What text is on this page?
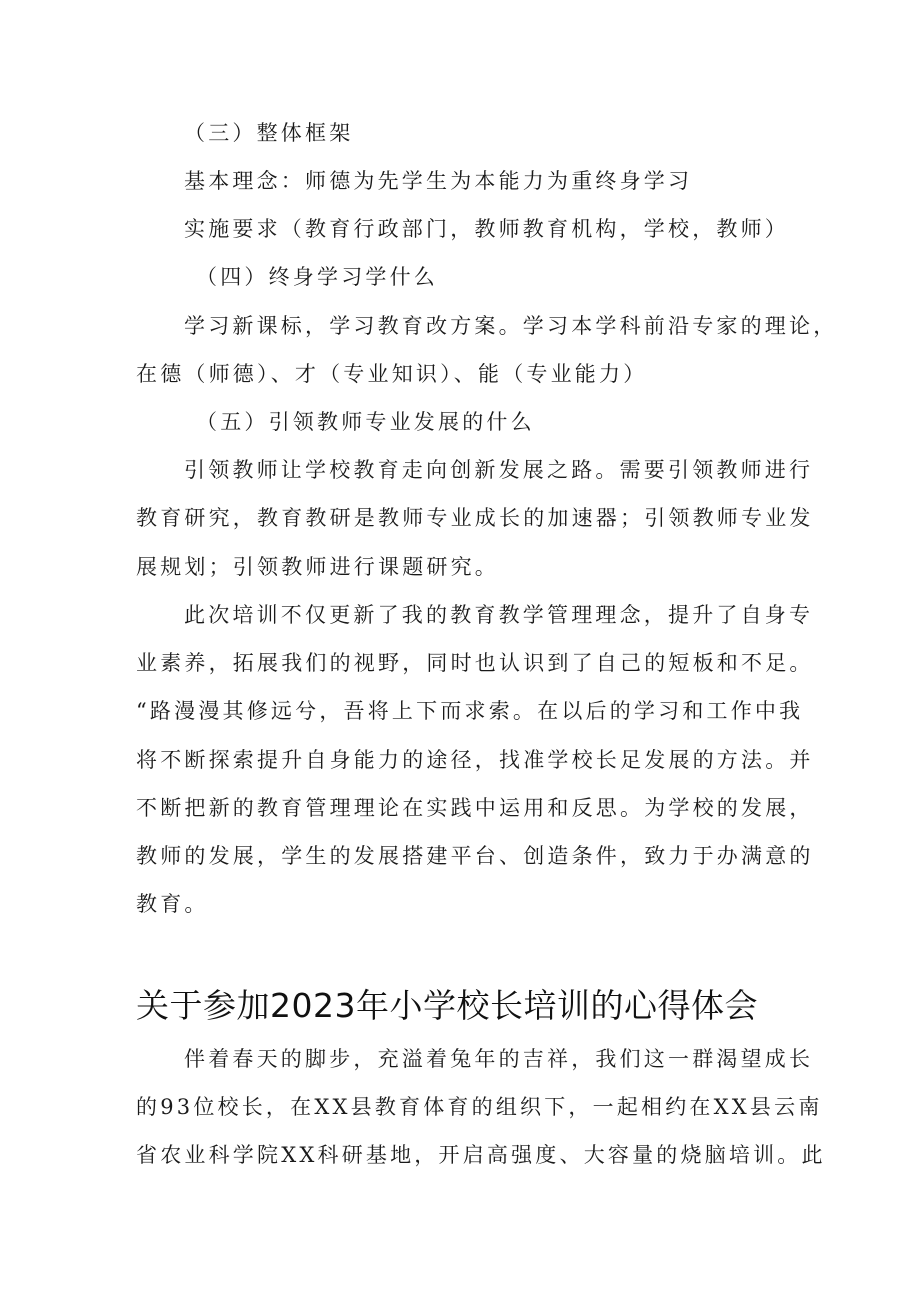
（三）整体框架
基本理念：师德为先学生为本能力为重终身学习
实施要求（教育行政部门，教师教育机构，学校，教师）
（四）终身学习学什么
学习新课标，学习教育改方案。学习本学科前沿专家的理论，
在德（师德）、才（专业知识）、能（专业能力）
（五）引领教师专业发展的什么
引领教师让学校教育走向创新发展之路。需要引领教师进行
教育研究，教育教研是教师专业成长的加速器；引领教师专业发
展规划；引领教师进行课题研究。
此次培训不仅更新了我的教育教学管理理念，提升了自身专
业素养，拓展我们的视野，同时也认识到了自己的短板和不足。
“路漫漫其修远兮，吾将上下而求索。在以后的学习和工作中我
将不断探索提升自身能力的途径，找准学校长足发展的方法。并
不断把新的教育管理理论在实践中运用和反思。为学校的发展，
教师的发展，学生的发展搭建平台、创造条件，致力于办满意的
教育。
关于参加2023年小学校长培训的心得体会
伴着春天的脚步，充溢着兔年的吉祥，我们这一群渴望成长
的93位校长，在XX县教育体育的组织下，一起相约在XX县云南
省农业科学院XX科研基地，开启高强度、大容量的烧脑培训。此
